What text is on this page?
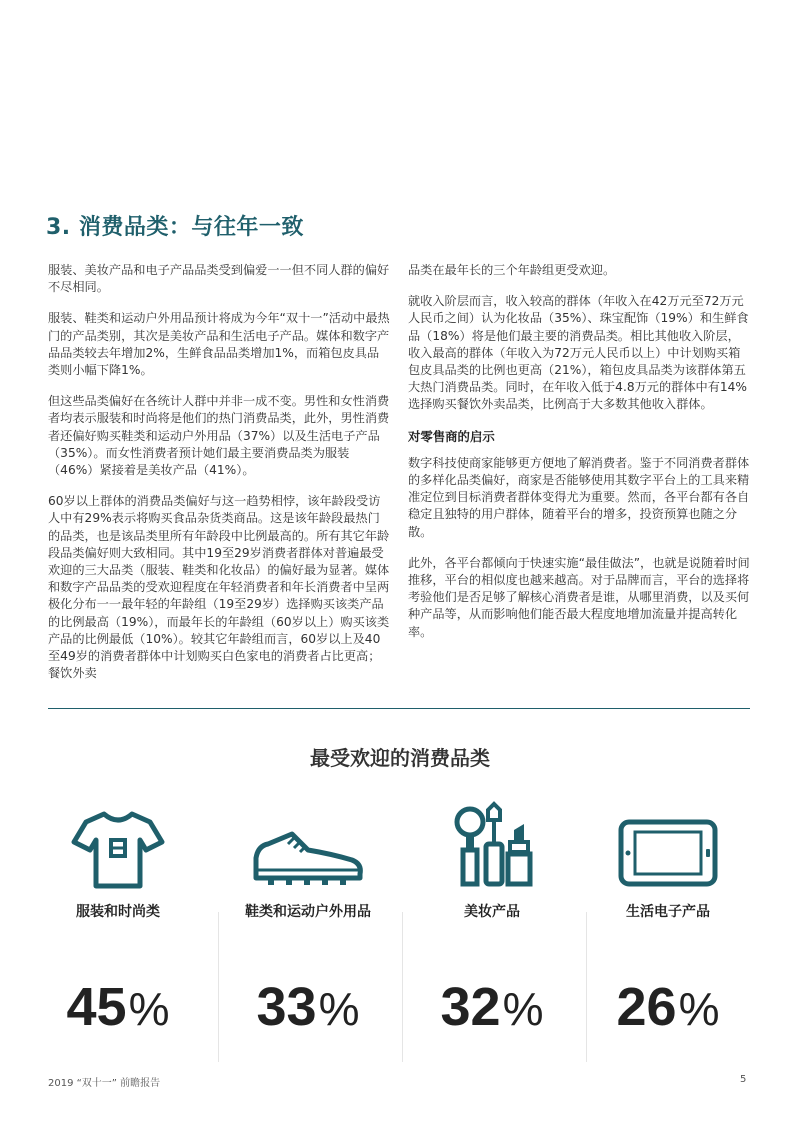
3. 消费品类：与往年一致

服装、美妆产品和电子产品品类受到偏爱一一但不同人群的偏好不尽相同。

服装、鞋类和运动户外用品预计将成为今年“双十一”活动中最热门的产品类别，其次是美妆产品和生活电子产品。媒体和数字产品品类较去年增加2%，生鲜食品品类增加1%，而箱包皮具品类则小幅下降1%。

但这些品类偏好在各统计人群中并非一成不变。男性和女性消费者均表示服装和时尚将是他们的热门消费品类，此外，男性消费者还偏好购买鞋类和运动户外用品（37%）以及生活电子产品（35%）。而女性消费者预计她们最主要消费品类为服装（46%）紧接着是美妆产品（41%）。

60岁以上群体的消费品类偏好与这一趋势相悖，该年龄段受访人中有29%表示将购买食品杂货类商品。这是该年龄段最热门的品类，也是该品类里所有年龄段中比例最高的。所有其它年龄段品类偏好则大致相同。其中19至29岁消费者群体对普遍最受欢迎的三大品类（服装、鞋类和化妆品）的偏好最为显著。媒体和数字产品品类的受欢迎程度在年轻消费者和年长消费者中呈两极化分布一一最年轻的年龄组（19至29岁）选择购买该类产品的比例最高（19%），而最年长的年龄组（60岁以上）购买该类产品的比例最低（10%）。较其它年龄组而言，60岁以上及40至49岁的消费者群体中计划购买白色家电的消费者占比更高；餐饮外卖

品类在最年长的三个年龄组更受欢迎。

就收入阶层而言，收入较高的群体（年收入在42万元至72万元人民币之间）认为化妆品（35%）、珠宝配饰（19%）和生鲜食品（18%）将是他们最主要的消费品类。相比其他收入阶层，收入最高的群体（年收入为72万元人民币以上）中计划购买箱包皮具品类的比例也更高（21%），箱包皮具品类为该群体第五大热门消费品类。同时，在年收入低于4.8万元的群体中有14%选择购买餐饮外卖品类，比例高于大多数其他收入群体。

对零售商的启示

数字科技使商家能够更方便地了解消费者。鉴于不同消费者群体的多样化品类偏好，商家是否能够使用其数字平台上的工具来精准定位到目标消费者群体变得尤为重要。然而，各平台都有各自稳定且独特的用户群体，随着平台的增多，投资预算也随之分散。

此外，各平台都倾向于快速实施“最佳做法”，也就是说随着时间推移，平台的相似度也越来越高。对于品牌而言，平台的选择将考验他们是否足够了解核心消费者是谁，从哪里消费，以及买何种产品等，从而影响他们能否最大程度地增加流量并提高转化率。

最受欢迎的消费品类
服装和时尚类
45%
鞋类和运动户外用品
33%
美妆产品
32%
生活电子产品
26%
2019 “双十一” 前瞻报告	5
